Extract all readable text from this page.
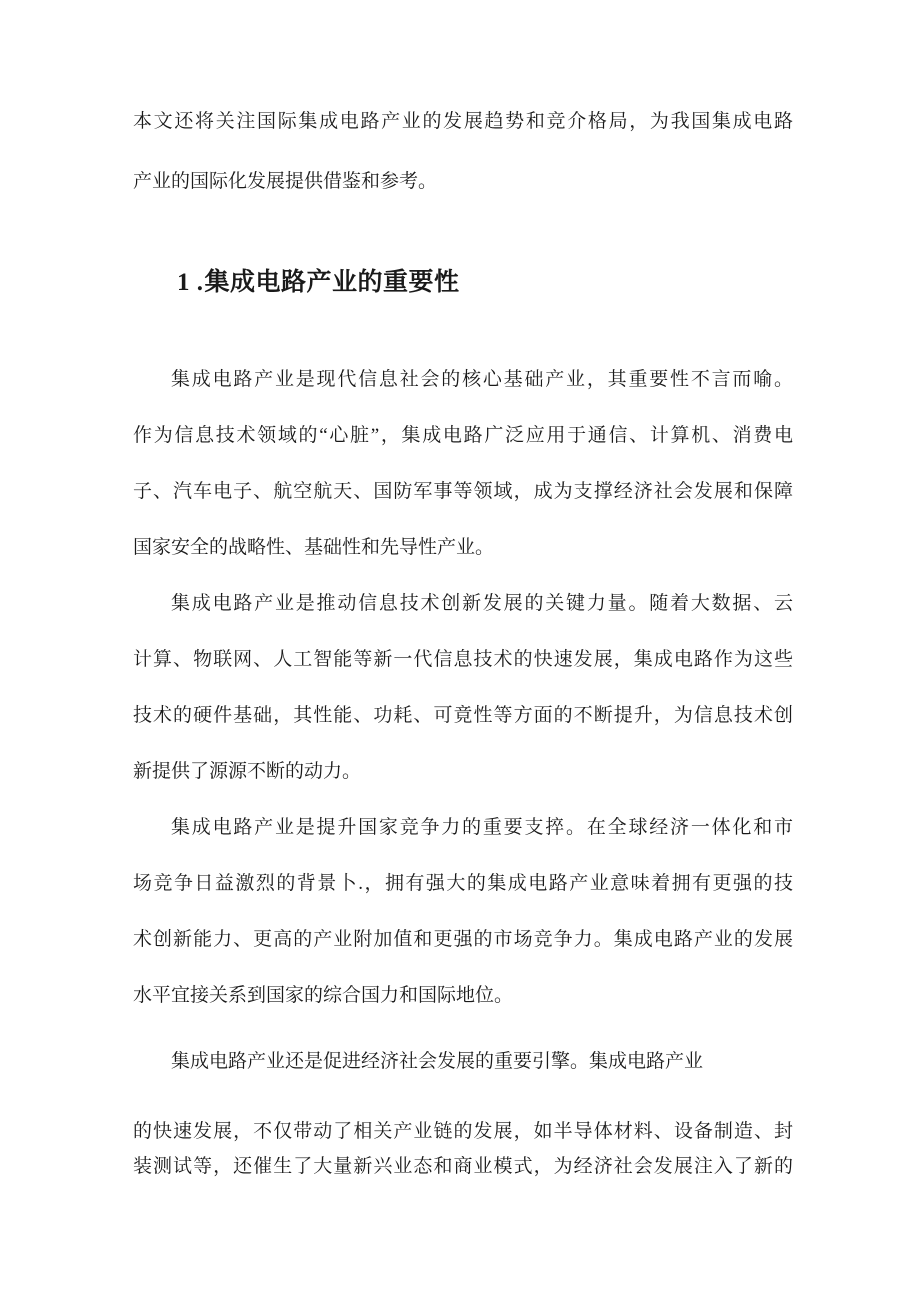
本文还将关注国际集成电路产业的发展趋势和竞介格局，为我国集成电路
产业的国际化发展提供借鉴和参考。
1 .集成电路产业的重要性
集成电路产业是现代信息社会的核心基础产业，其重要性不言而喻。
作为信息技术领域的“心脏”，集成电路广泛应用于通信、计算机、消费电
子、汽车电子、航空航天、国防军事等领域，成为支撑经济社会发展和保障
国家安全的战略性、基础性和先导性产业。
集成电路产业是推动信息技术创新发展的关键力量。随着大数据、云
计算、物联网、人工智能等新一代信息技术的快速发展，集成电路作为这些
技术的硬件基础，其性能、功耗、可竟性等方面的不断提升，为信息技术创
新提供了源源不断的动力。
集成电路产业是提升国家竞争力的重要支捽。在全球经济一体化和市
场竞争日益激烈的背景卜.，拥有强大的集成电路产业意味着拥有更强的技
术创新能力、更高的产业附加值和更强的市场竞争力。集成电路产业的发展
水平宜接关系到国家的综合国力和国际地位。
集成电路产业还是促进经济社会发展的重要引擎。集成电路产业
的快速发展，不仅带动了相关产业链的发展，如半导体材料、设备制造、封
装测试等，还催生了大量新兴业态和商业模式，为经济社会发展注入了新的
